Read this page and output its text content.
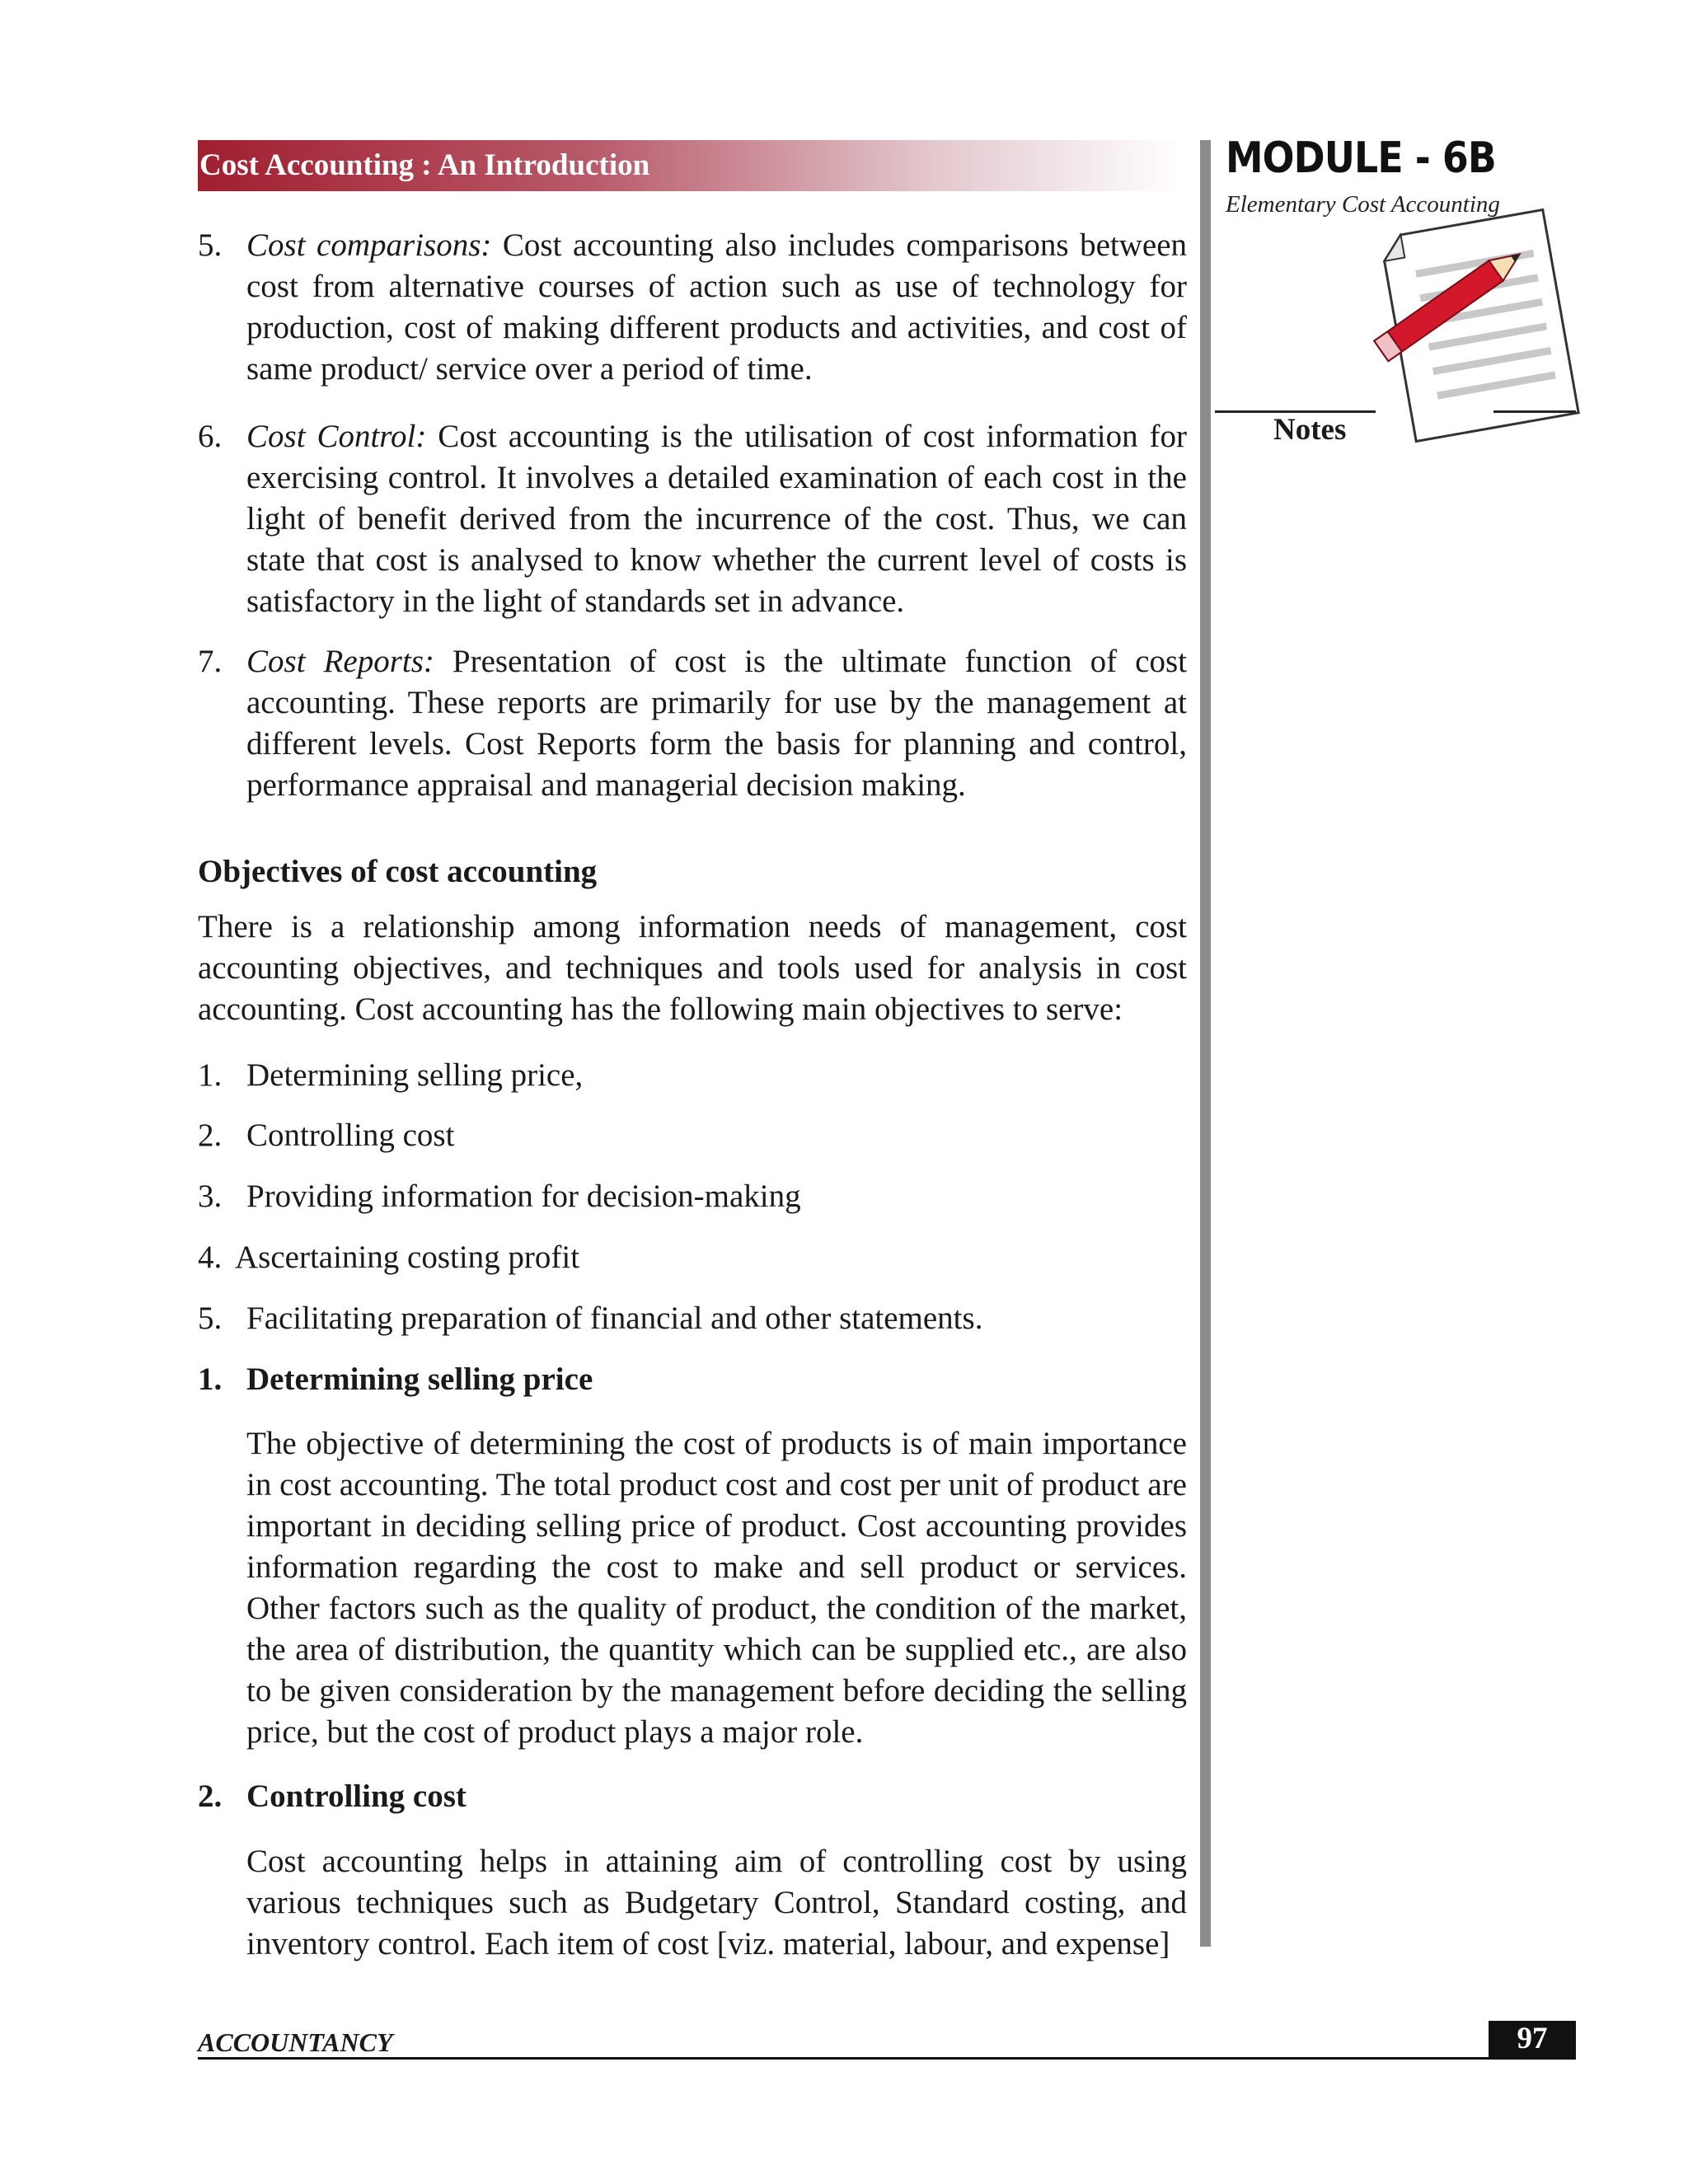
Cost Accounting : An Introduction	MODULE - 6B
Elementary Cost Accounting
Notes
5. Cost comparisons: Cost accounting also includes comparisons between cost from alternative courses of action such as use of technology for production, cost of making different products and activities, and cost of same product/ service over a period of time.
6. Cost Control: Cost accounting is the utilisation of cost information for exercising control. It involves a detailed examination of each cost in the light of benefit derived from the incurrence of the cost. Thus, we can state that cost is analysed to know whether the current level of costs is satisfactory in the light of standards set in advance.
7. Cost Reports: Presentation of cost is the ultimate function of cost accounting. These reports are primarily for use by the management at different levels. Cost Reports form the basis for planning and control, performance appraisal and managerial decision making.
Objectives of cost accounting
There is a relationship among information needs of management, cost accounting objectives, and techniques and tools used for analysis in cost accounting. Cost accounting has the following main objectives to serve:
1. Determining selling price,
2. Controlling cost
3. Providing information for decision-making
4. Ascertaining costing profit
5. Facilitating preparation of financial and other statements.
1. Determining selling price
The objective of determining the cost of products is of main importance in cost accounting. The total product cost and cost per unit of product are important in deciding selling price of product. Cost accounting provides information regarding the cost to make and sell product or services. Other factors such as the quality of product, the condition of the market, the area of distribution, the quantity which can be supplied etc., are also to be given consideration by the management before deciding the selling price, but the cost of product plays a major role.
2. Controlling cost
Cost accounting helps in attaining aim of controlling cost by using various techniques such as Budgetary Control, Standard costing, and inventory control. Each item of cost [viz. material, labour, and expense]
ACCOUNTANCY	97
